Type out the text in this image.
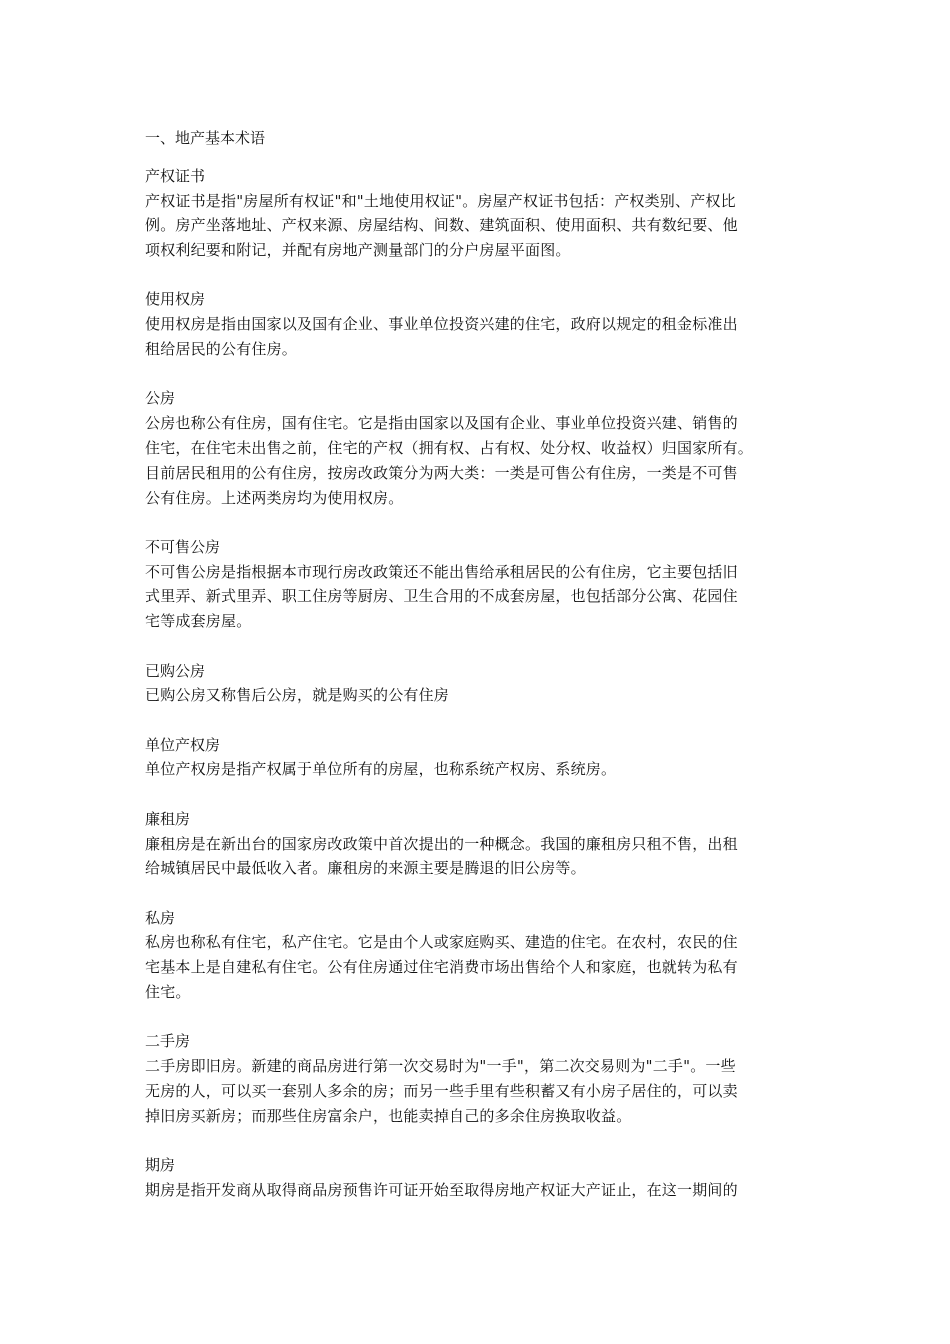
一、地产基本术语

产权证书

产权证书是指"房屋所有权证"和"土地使用权证"。房屋产权证书包括：产权类别、产权比

例。房产坐落地址、产权来源、房屋结构、间数、建筑面积、使用面积、共有数纪要、他

项权利纪要和附记，并配有房地产测量部门的分户房屋平面图。

使用权房

使用权房是指由国家以及国有企业、事业单位投资兴建的住宅，政府以规定的租金标准出

租给居民的公有住房。

公房

公房也称公有住房，国有住宅。它是指由国家以及国有企业、事业单位投资兴建、销售的

住宅，在住宅未出售之前，住宅的产权（拥有权、占有权、处分权、收益权）归国家所有。

目前居民租用的公有住房，按房改政策分为两大类：一类是可售公有住房，一类是不可售

公有住房。上述两类房均为使用权房。

不可售公房

不可售公房是指根据本市现行房改政策还不能出售给承租居民的公有住房，它主要包括旧

式里弄、新式里弄、职工住房等厨房、卫生合用的不成套房屋，也包括部分公寓、花园住

宅等成套房屋。

已购公房

已购公房又称售后公房，就是购买的公有住房

单位产权房

单位产权房是指产权属于单位所有的房屋，也称系统产权房、系统房。

廉租房

廉租房是在新出台的国家房改政策中首次提出的一种概念。我国的廉租房只租不售，出租

给城镇居民中最低收入者。廉租房的来源主要是腾退的旧公房等。

私房

私房也称私有住宅，私产住宅。它是由个人或家庭购买、建造的住宅。在农村，农民的住

宅基本上是自建私有住宅。公有住房通过住宅消费市场出售给个人和家庭，也就转为私有

住宅。

二手房

二手房即旧房。新建的商品房进行第一次交易时为"一手"，第二次交易则为"二手"。一些

无房的人，可以买一套别人多余的房；而另一些手里有些积蓄又有小房子居住的，可以卖

掉旧房买新房；而那些住房富余户，也能卖掉自己的多余住房换取收益。

期房

期房是指开发商从取得商品房预售许可证开始至取得房地产权证大产证止，在这一期间的
